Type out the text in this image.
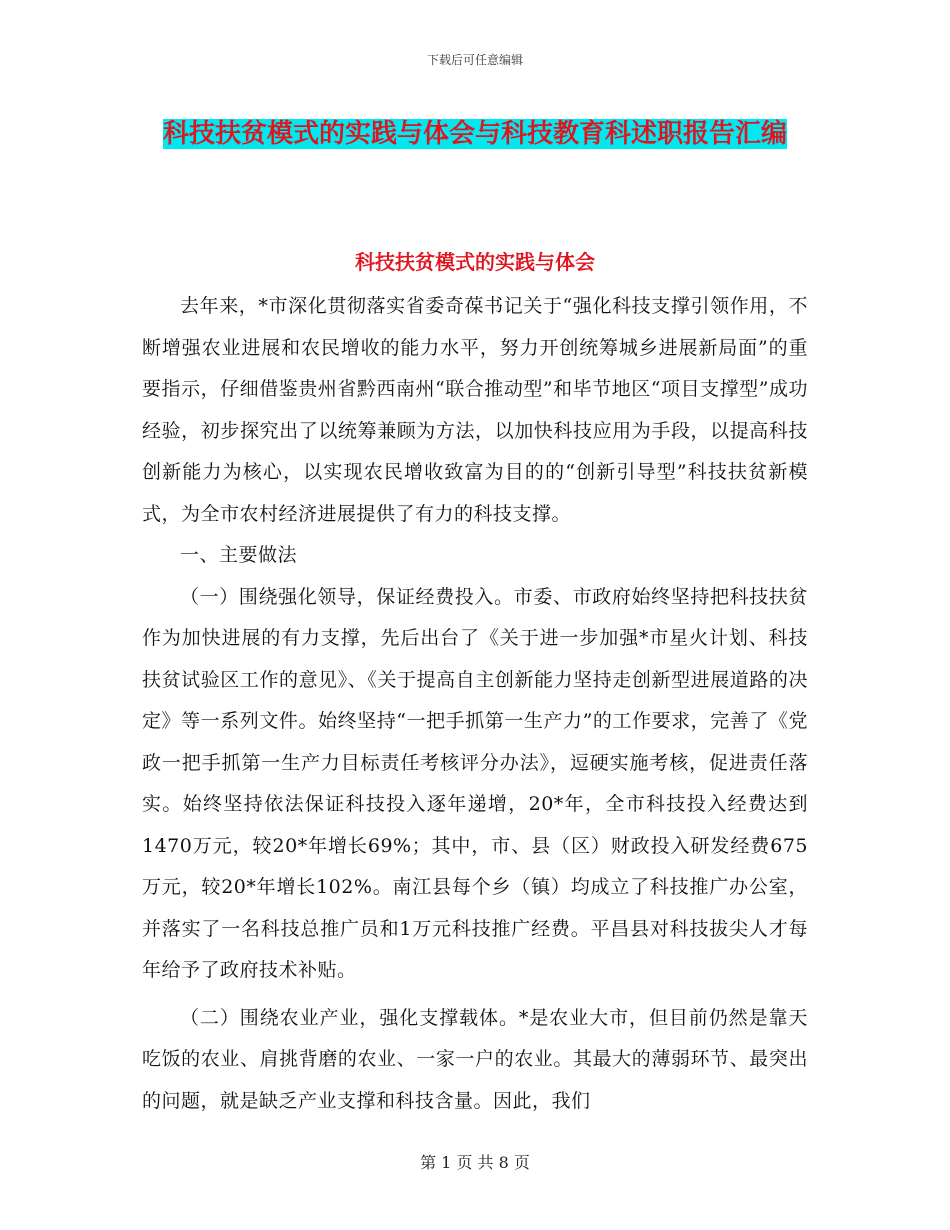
下载后可任意编辑
科技扶贫模式的实践与体会与科技教育科述职报告汇编
科技扶贫模式的实践与体会

去年来，*市深化贯彻落实省委奇葆书记关于“强化科技支撑引领作用，不断增强农业进展和农民增收的能力水平，努力开创统筹城乡进展新局面”的重要指示，仔细借鉴贵州省黔西南州“联合推动型”和毕节地区“项目支撑型”成功经验，初步探究出了以统筹兼顾为方法，以加快科技应用为手段，以提高科技创新能力为核心，以实现农民增收致富为目的的“创新引导型”科技扶贫新模式，为全市农村经济进展提供了有力的科技支撑。

一、主要做法

（一）围绕强化领导，保证经费投入。市委、市政府始终坚持把科技扶贫作为加快进展的有力支撑，先后出台了《关于进一步加强*市星火计划、科技扶贫试验区工作的意见》、《关于提高自主创新能力坚持走创新型进展道路的决定》等一系列文件。始终坚持“一把手抓第一生产力”的工作要求，完善了《党政一把手抓第一生产力目标责任考核评分办法》，逗硬实施考核，促进责任落实。始终坚持依法保证科技投入逐年递增，20*年，全市科技投入经费达到1470万元，较20*年增长69%；其中，市、县（区）财政投入研发经费675万元，较20*年增长102%。南江县每个乡（镇）均成立了科技推广办公室，并落实了一名科技总推广员和1万元科技推广经费。平昌县对科技拔尖人才每年给予了政府技术补贴。

（二）围绕农业产业，强化支撑载体。*是农业大市，但目前仍然是靠天吃饭的农业、肩挑背磨的农业、一家一户的农业。其最大的薄弱环节、最突出的问题，就是缺乏产业支撑和科技含量。因此，我们

第 1 页 共 8 页
